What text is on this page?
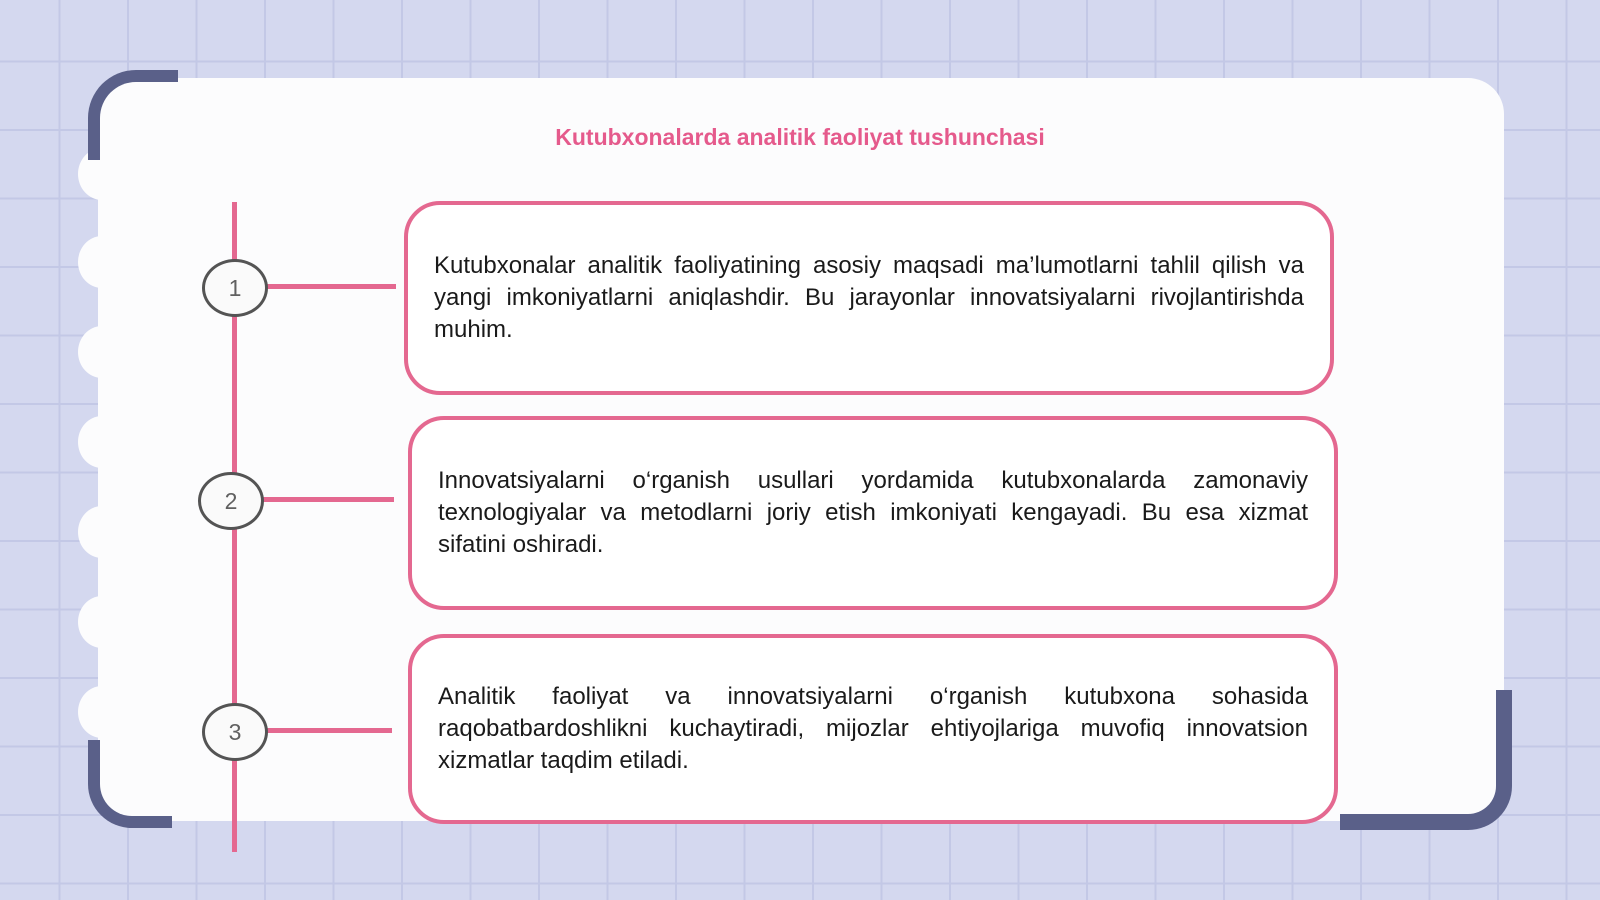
Kutubxonalarda analitik faoliyat tushunchasi
1

Kutubxonalar analitik faoliyatining asosiy maqsadi ma’lumotlarni tahlil qilish va yangi imkoniyatlarni aniqlashdir. Bu jarayonlar innovatsiyalarni rivojlantirishda muhim.

2

Innovatsiyalarni o‘rganish usullari yordamida kutubxonalarda zamonaviy texnologiyalar va metodlarni joriy etish imkoniyati kengayadi. Bu esa xizmat sifatini oshiradi.

3

Analitik faoliyat va innovatsiyalarni o‘rganish kutubxona sohasida raqobatbardoshlikni kuchaytiradi, mijozlar ehtiyojlariga muvofiq innovatsion xizmatlar taqdim etiladi.
